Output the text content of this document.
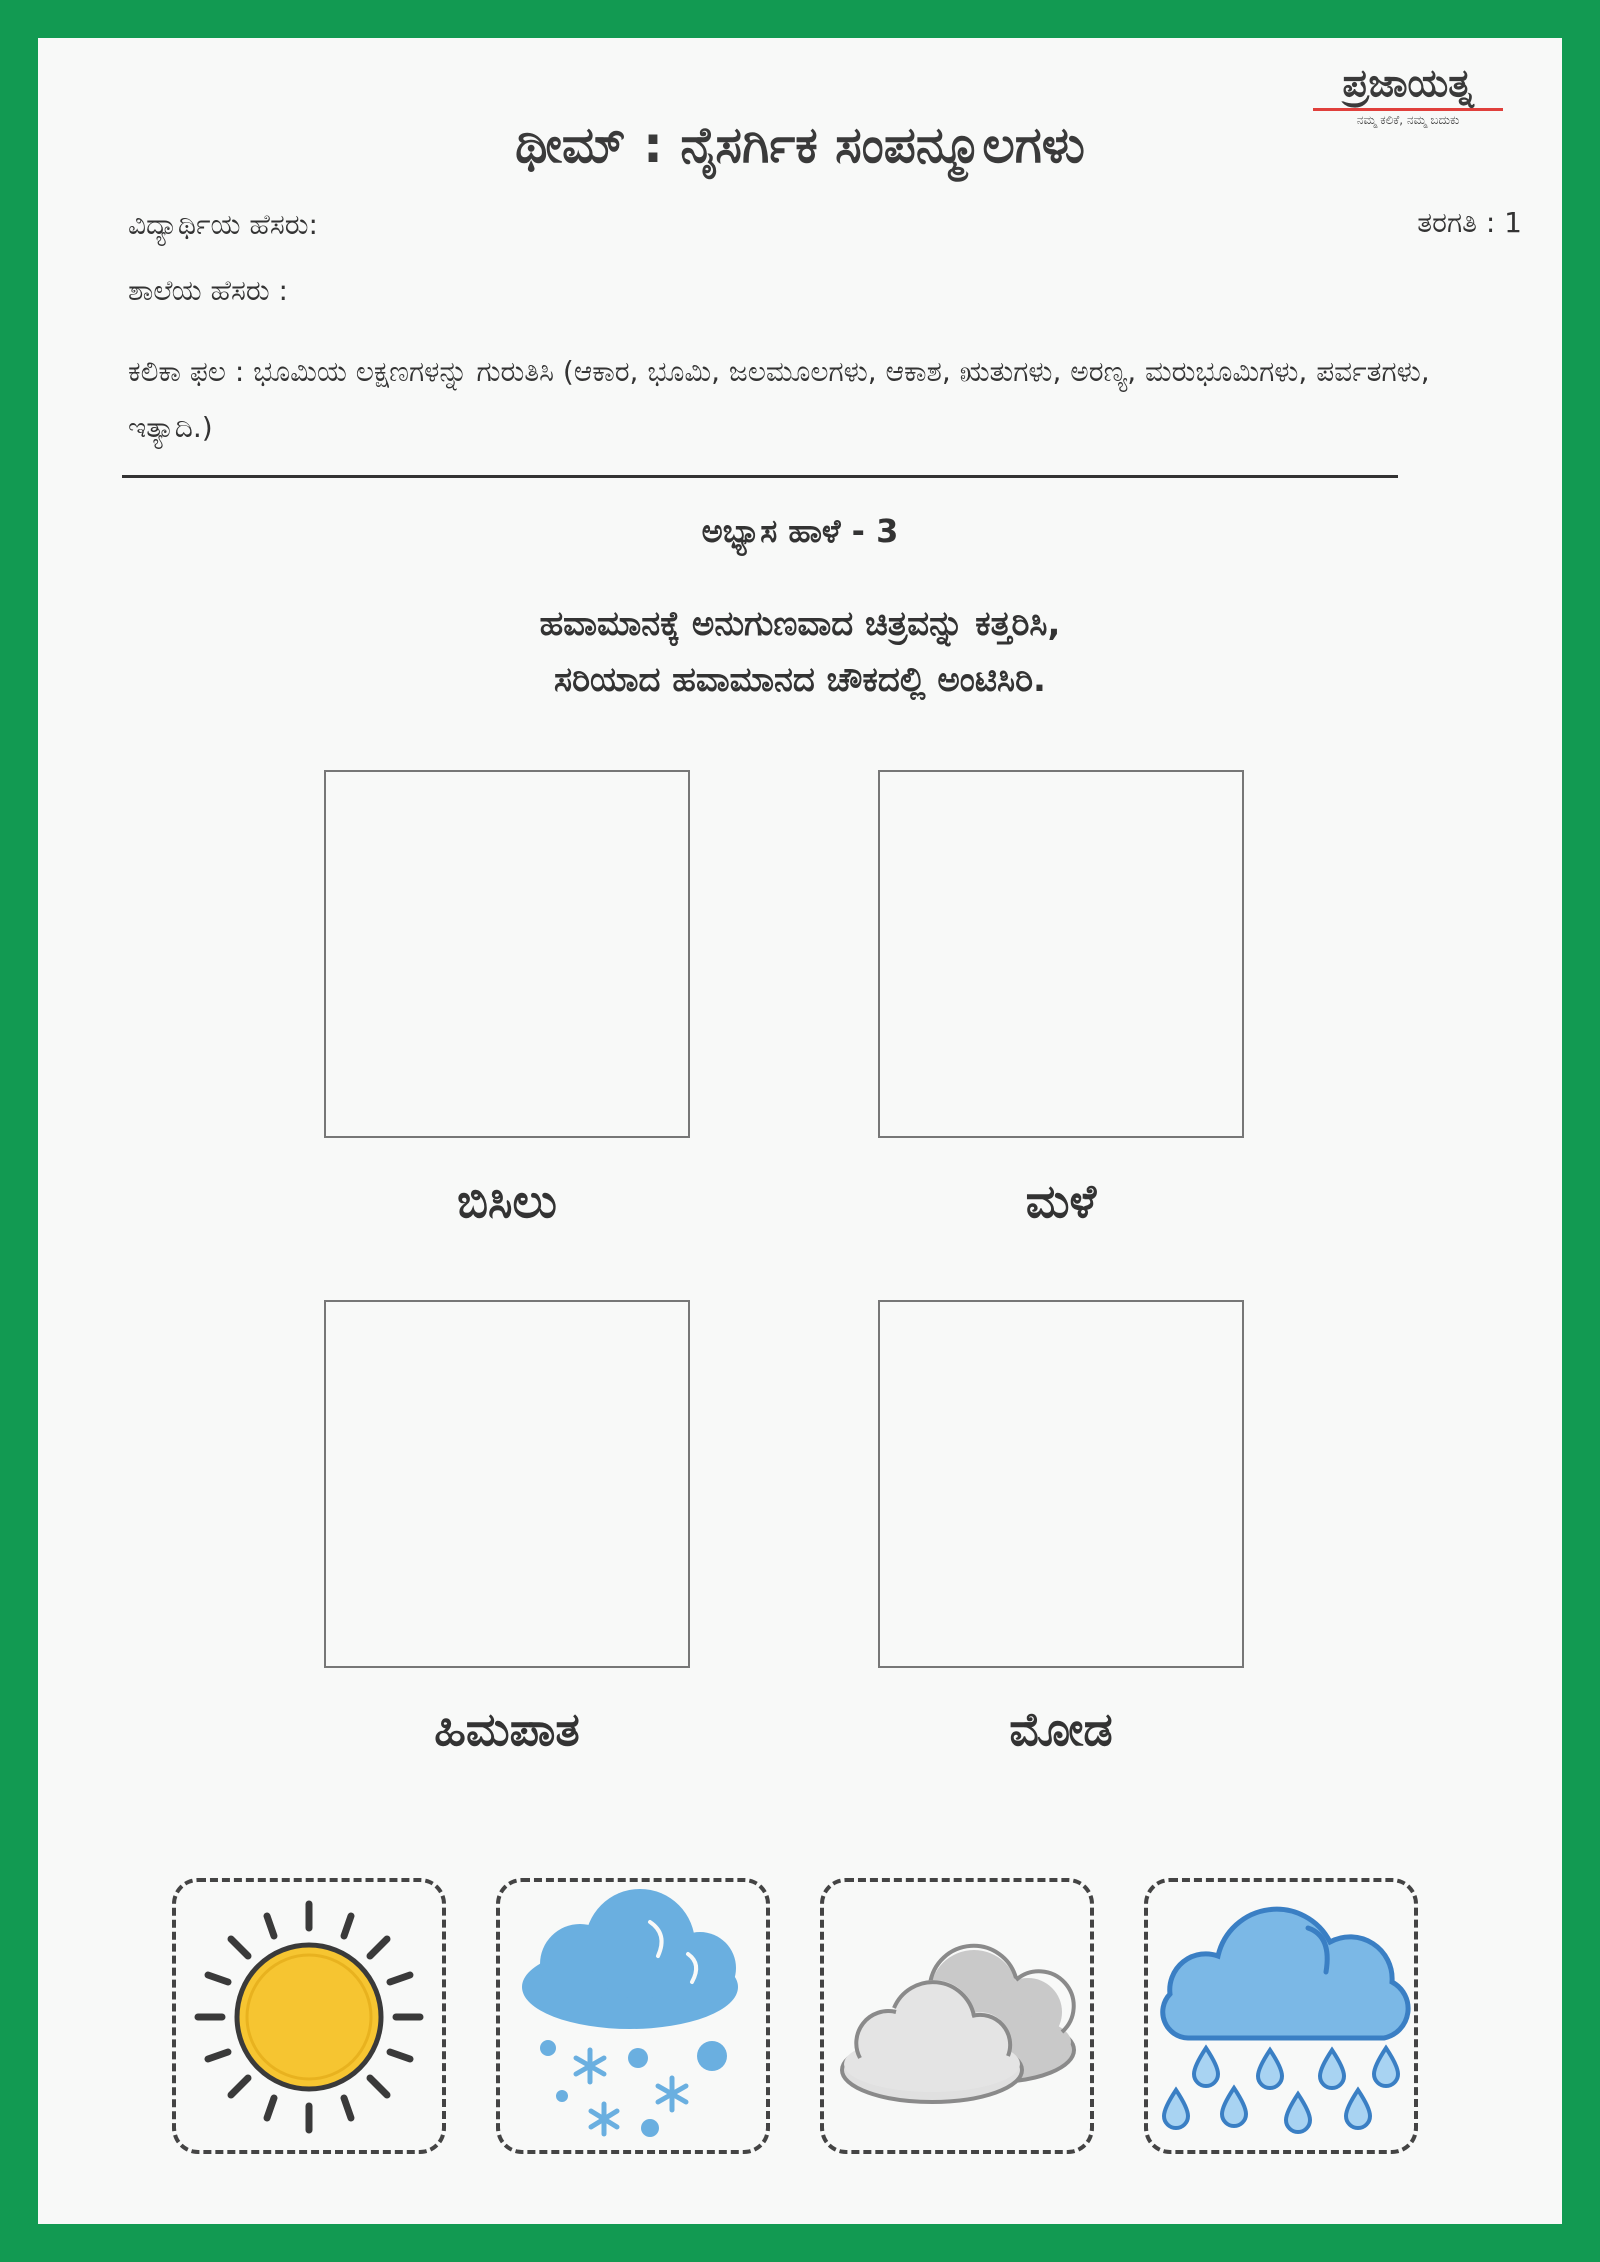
ಥೀಮ್ : ನೈಸರ್ಗಿಕ ಸಂಪನ್ಮೂಲಗಳು
ಪ್ರಜಾಯತ್ನ
ನಮ್ಮ ಕಲಿಕೆ, ನಮ್ಮ ಬದುಕು
ವಿದ್ಯಾರ್ಥಿಯ ಹೆಸರು:
ಶಾಲೆಯ ಹೆಸರು :
ತರಗತಿ : 1
ಕಲಿಕಾ ಫಲ : ಭೂಮಿಯ ಲಕ್ಷಣಗಳನ್ನು ಗುರುತಿಸಿ (ಆಕಾರ, ಭೂಮಿ, ಜಲಮೂಲಗಳು, ಆಕಾಶ, ಋತುಗಳು, ಅರಣ್ಯ, ಮರುಭೂಮಿಗಳು, ಪರ್ವತಗಳು, ಇತ್ಯಾದಿ.)
ಅಭ್ಯಾಸ ಹಾಳೆ - 3
ಹವಾಮಾನಕ್ಕೆ ಅನುಗುಣವಾದ ಚಿತ್ರವನ್ನು ಕತ್ತರಿಸಿ,
ಸರಿಯಾದ ಹವಾಮಾನದ ಚೌಕದಲ್ಲಿ ಅಂಟಿಸಿರಿ.
ಬಿಸಿಲು	ಮಳೆ
ಹಿಮಪಾತ	ಮೋಡ
